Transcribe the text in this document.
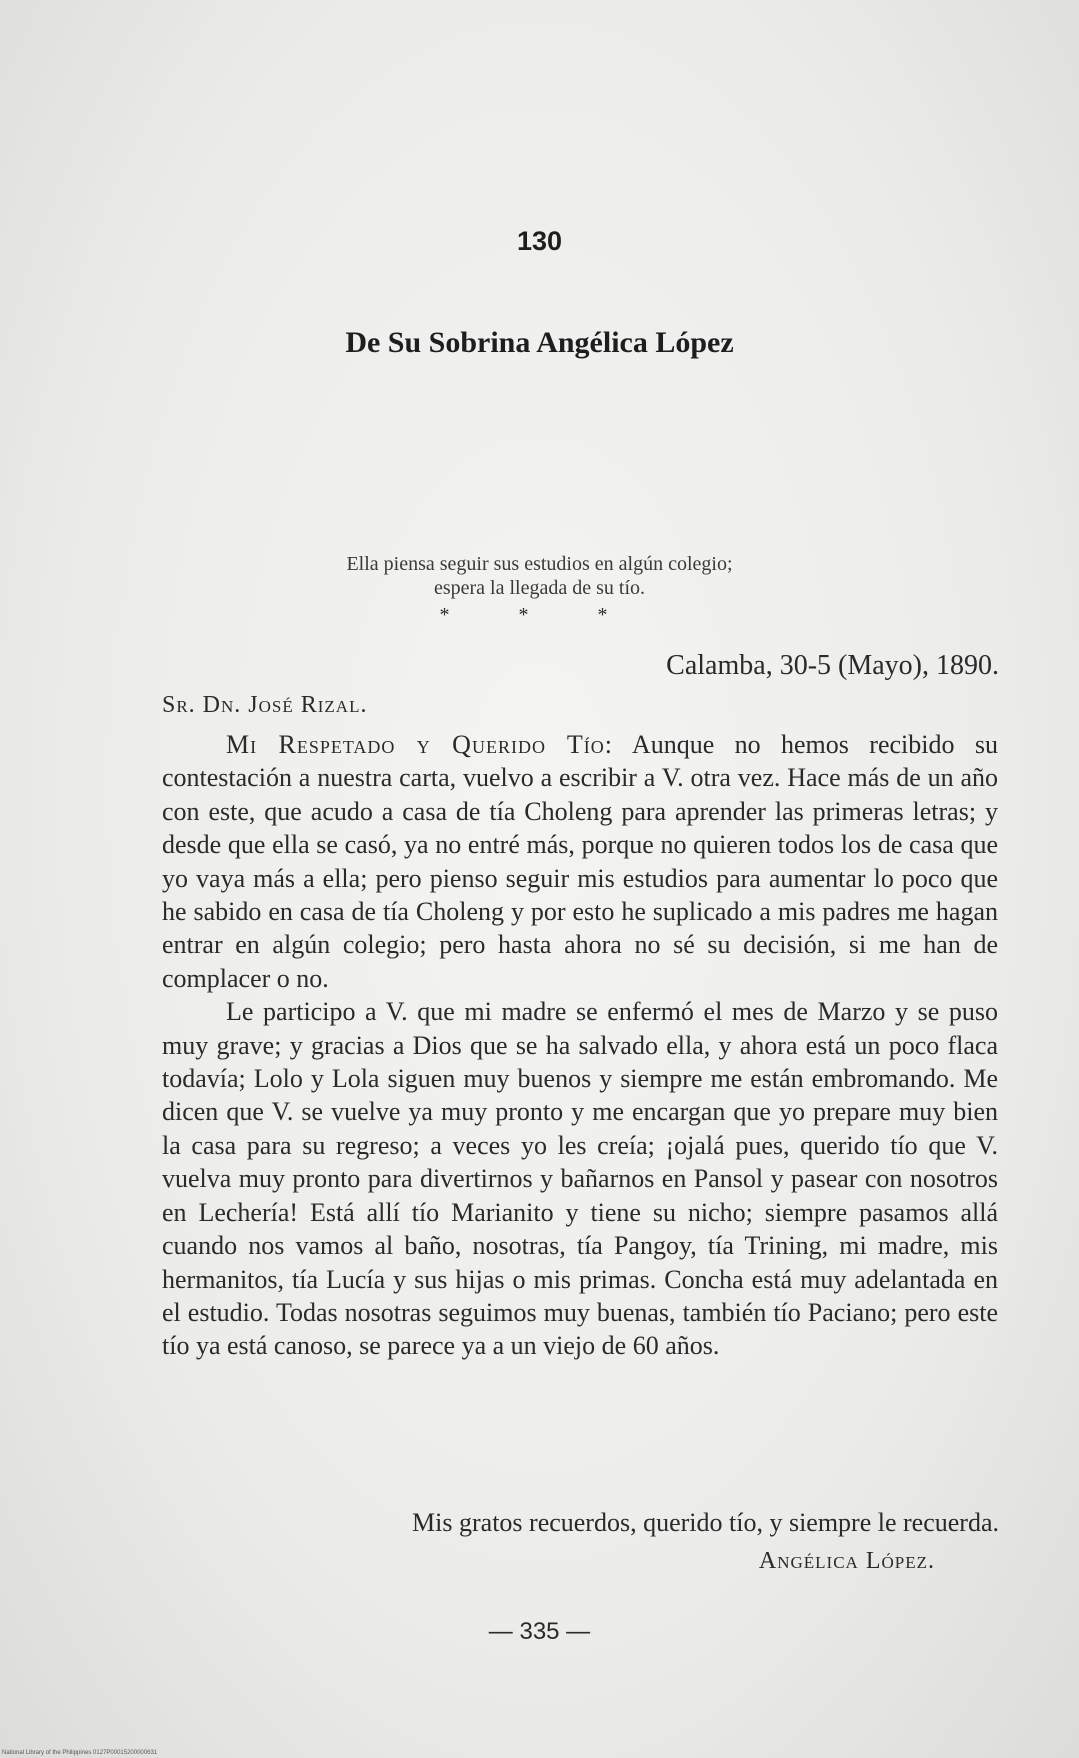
130
De Su Sobrina Angélica López
Ella piensa seguir sus estudios en algún colegio;
espera la llegada de su tío.
* * *
Calamba, 30-5 (Mayo), 1890.
Sr. Dn. José Rizal.

Mi Respetado y Querido Tío: Aunque no hemos recibido su contestación a nuestra carta, vuelvo a escribir a V. otra vez. Hace más de un año con este, que acudo a casa de tía Choleng para aprender las primeras letras; y desde que ella se casó, ya no entré más, porque no quieren todos los de casa que yo vaya más a ella; pero pienso seguir mis estudios para aumentar lo poco que he sabido en casa de tía Choleng y por esto he suplicado a mis padres me hagan entrar en algún colegio; pero hasta ahora no sé su decisión, si me han de complacer o no.

Le participo a V. que mi madre se enfermó el mes de Marzo y se puso muy grave; y gracias a Dios que se ha salvado ella, y ahora está un poco flaca todavía; Lolo y Lola siguen muy buenos y siempre me están embromando. Me dicen que V. se vuelve ya muy pronto y me encargan que yo prepare muy bien la casa para su regreso; a veces yo les creía; ¡ojalá pues, querido tío que V. vuelva muy pronto para divertirnos y bañarnos en Pansol y pasear con nosotros en Lechería! Está allí tío Marianito y tiene su nicho; siempre pasamos allá cuando nos vamos al baño, nosotras, tía Pangoy, tía Trining, mi madre, mis hermanitos, tía Lucía y sus hijas o mis primas. Concha está muy adelantada en el estudio. Todas nosotras seguimos muy buenas, también tío Paciano; pero este tío ya está canoso, se parece ya a un viejo de 60 años.

Mis gratos recuerdos, querido tío, y siempre le recuerda.
Angélica López.
— 335 —
National Library of the Philippines 0127P00015200000631
